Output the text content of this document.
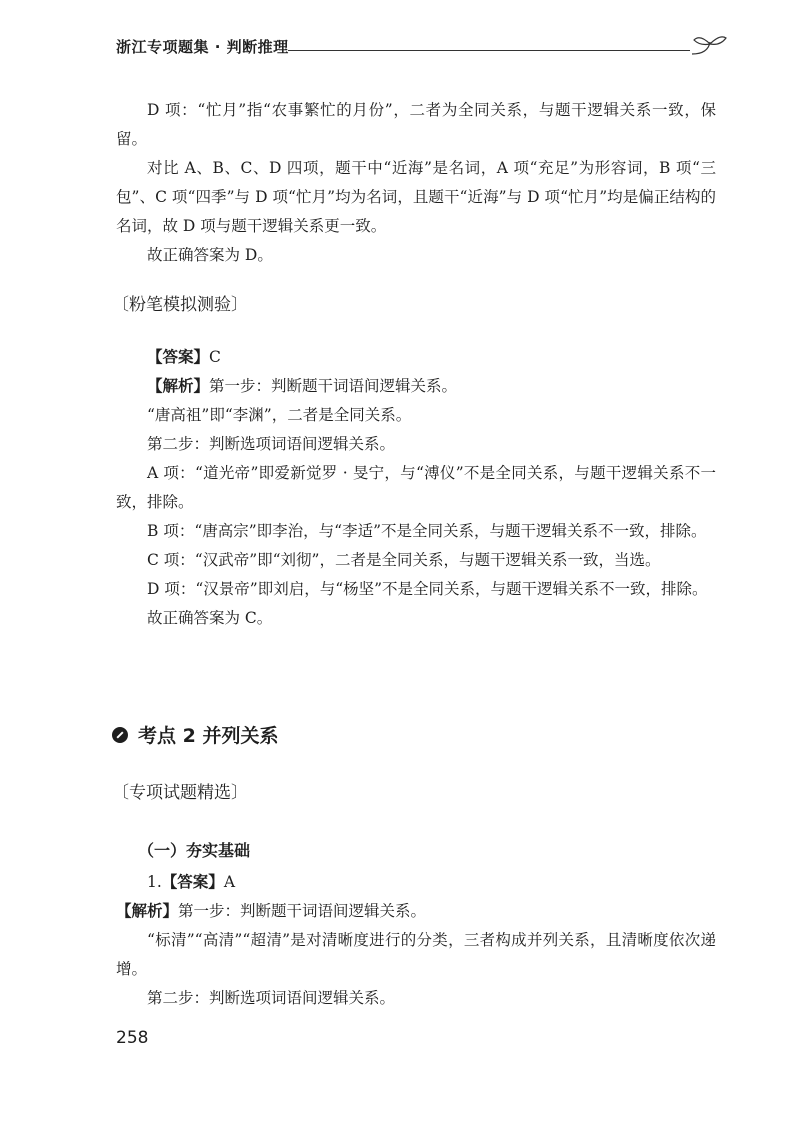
浙江专项题集 · 判断推理

D 项：“忙月”指“农事繁忙的月份”，二者为全同关系，与题干逻辑关系一致，保留。

对比 A、B、C、D 四项，题干中“近海”是名词，A 项“充足”为形容词，B 项“三包”、C 项“四季”与 D 项“忙月”均为名词，且题干“近海”与 D 项“忙月”均是偏正结构的名词，故 D 项与题干逻辑关系更一致。

故正确答案为 D。

〔粉笔模拟测验〕

【答案】C

【解析】第一步：判断题干词语间逻辑关系。

“唐高祖”即“李渊”，二者是全同关系。

第二步：判断选项词语间逻辑关系。

A 项：“道光帝”即爱新觉罗 · 旻宁，与“溥仪”不是全同关系，与题干逻辑关系不一致，排除。

B 项：“唐高宗”即李治，与“李适”不是全同关系，与题干逻辑关系不一致，排除。

C 项：“汉武帝”即“刘彻”，二者是全同关系，与题干逻辑关系一致，当选。

D 项：“汉景帝”即刘启，与“杨坚”不是全同关系，与题干逻辑关系不一致，排除。

故正确答案为 C。

考点 2 并列关系
〔专项试题精选〕
（一）夯实基础

1.【答案】A

【解析】第一步：判断题干词语间逻辑关系。

“标清”“高清”“超清”是对清晰度进行的分类，三者构成并列关系，且清晰度依次递增。

第二步：判断选项词语间逻辑关系。

258
